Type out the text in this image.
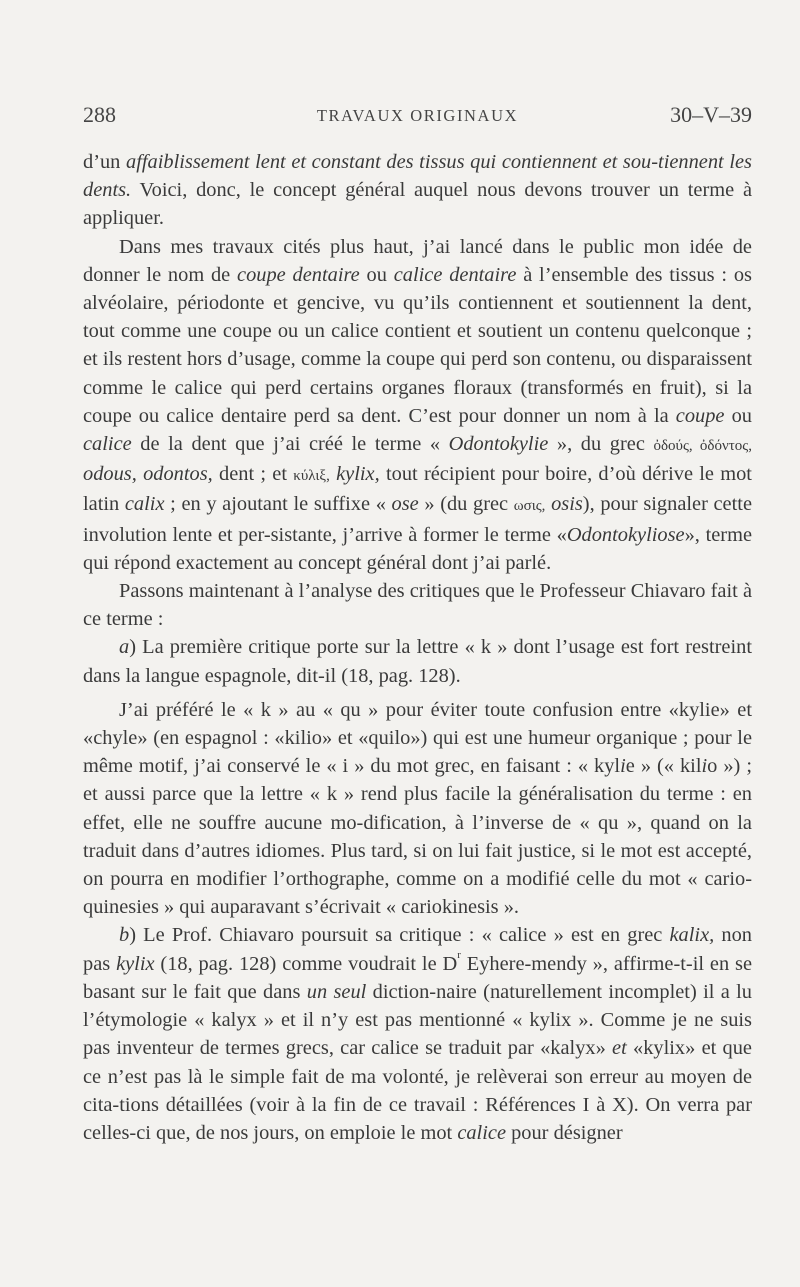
288	TRAVAUX ORIGINAUX	30–V–39

d’un affaiblissement lent et constant des tissus qui contiennent et sou-tiennent les dents. Voici, donc, le concept général auquel nous devons trouver un terme à appliquer.

Dans mes travaux cités plus haut, j’ai lancé dans le public mon idée de donner le nom de coupe dentaire ou calice dentaire à l’ensemble des tissus : os alvéolaire, périodonte et gencive, vu qu’ils contiennent et soutiennent la dent, tout comme une coupe ou un calice contient et soutient un contenu quelconque ; et ils restent hors d’usage, comme la coupe qui perd son contenu, ou disparaissent comme le calice qui perd certains organes floraux (transformés en fruit), si la coupe ou calice dentaire perd sa dent. C’est pour donner un nom à la coupe ou calice de la dent que j’ai créé le terme « Odontokylie », du grec ὀδούς, ὀδόντος, odous, odontos, dent ; et κύλιξ, kylix, tout récipient pour boire, d’où dérive le mot latin calix ; en y ajoutant le suffixe « ose » (du grec ωσις, osis), pour signaler cette involution lente et per-sistante, j’arrive à former le terme «Odontokyliose», terme qui répond exactement au concept général dont j’ai parlé.

Passons maintenant à l’analyse des critiques que le Professeur Chiavaro fait à ce terme :

a) La première critique porte sur la lettre « k » dont l’usage est fort restreint dans la langue espagnole, dit-il (18, pag. 128).

J’ai préféré le « k » au « qu » pour éviter toute confusion entre «kylie» et «chyle» (en espagnol : «kilio» et «quilo») qui est une humeur organique ; pour le même motif, j’ai conservé le « i » du mot grec, en faisant : « kylie » (« kilio ») ; et aussi parce que la lettre « k » rend plus facile la généralisation du terme : en effet, elle ne souffre aucune mo-dification, à l’inverse de « qu », quand on la traduit dans d’autres idiomes. Plus tard, si on lui fait justice, si le mot est accepté, on pourra en modifier l’orthographe, comme on a modifié celle du mot « cario-quinesies » qui auparavant s’écrivait « cariokinesis ».

b) Le Prof. Chiavaro poursuit sa critique : « calice » est en grec kalix, non pas kylix (18, pag. 128) comme voudrait le $D^r$ Eyhere-mendy », affirme-t-il en se basant sur le fait que dans un seul diction-naire (naturellement incomplet) il a lu l’étymologie « kalyx » et il n’y est pas mentionné « kylix ». Comme je ne suis pas inventeur de termes grecs, car calice se traduit par «kalyx» et «kylix» et que ce n’est pas là le simple fait de ma volonté, je relèverai son erreur au moyen de cita-tions détaillées (voir à la fin de ce travail : Références I à X). On verra par celles-ci que, de nos jours, on emploie le mot calice pour désigner
